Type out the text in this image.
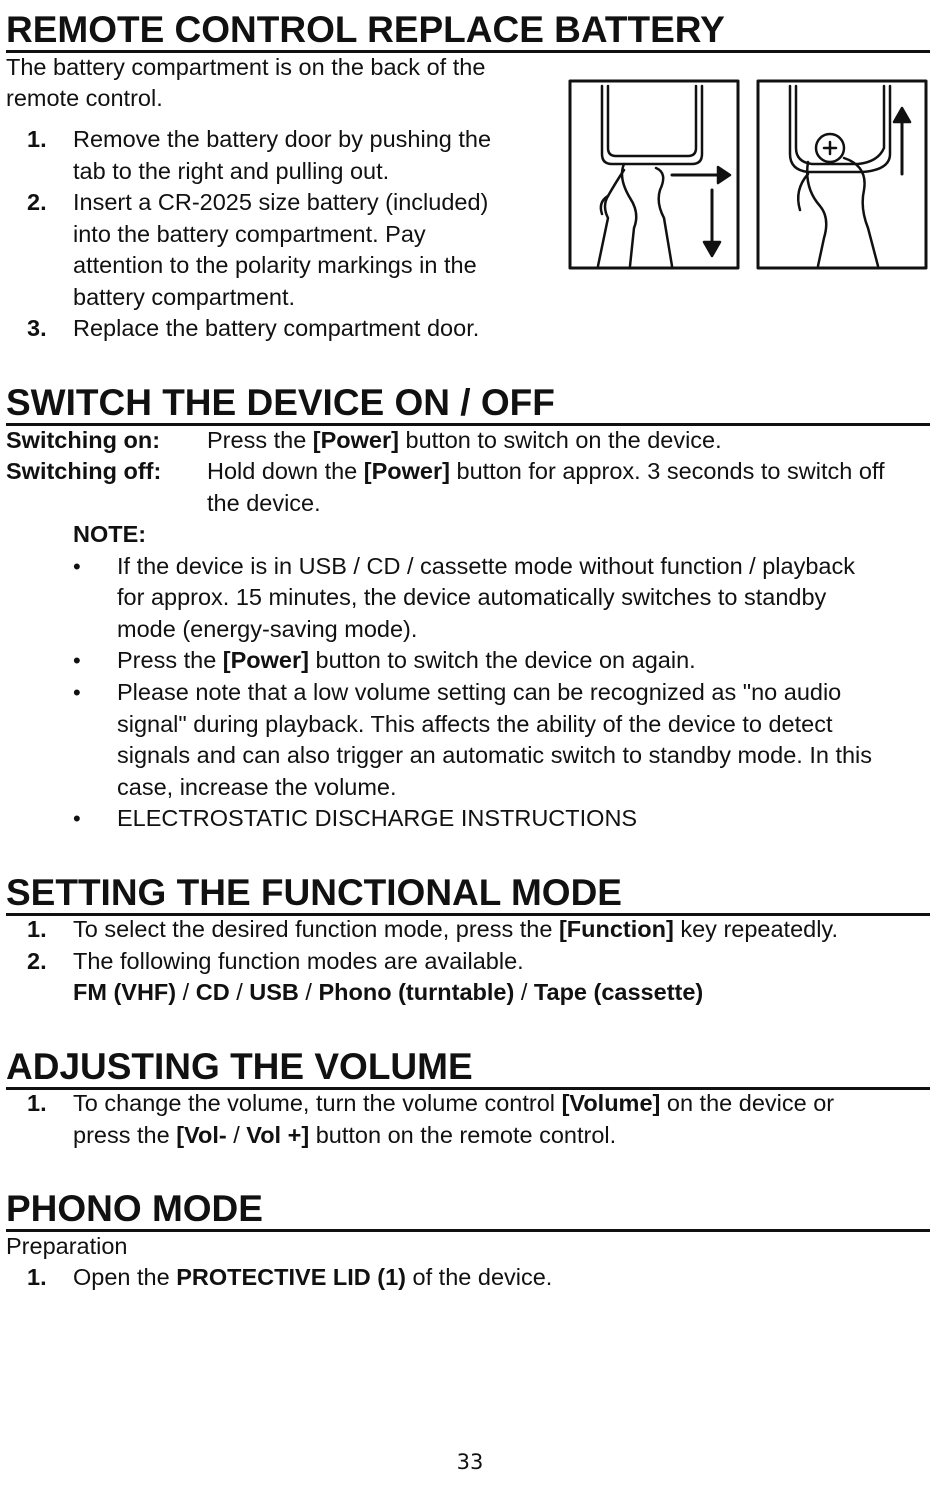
REMOTE CONTROL REPLACE BATTERY

The battery compartment is on the back of the

remote control.

1. Remove the battery door by pushing the

tab to the right and pulling out.

2. Insert a CR-2025 size battery (included)

into the battery compartment. Pay

attention to the polarity markings in the

battery compartment.

3. Replace the battery compartment door.

SWITCH THE DEVICE ON / OFF

Switching on: Press the [Power] button to switch on the device.

Switching off: Hold down the [Power] button for approx. 3 seconds to switch off

the device.

NOTE:

• If the device is in USB / CD / cassette mode without function / playback

for approx. 15 minutes, the device automatically switches to standby

mode (energy-saving mode).

• Press the [Power] button to switch the device on again.

• Please note that a low volume setting can be recognized as "no audio

signal" during playback. This affects the ability of the device to detect

signals and can also trigger an automatic switch to standby mode. In this

case, increase the volume.

• ELECTROSTATIC DISCHARGE INSTRUCTIONS

SETTING THE FUNCTIONAL MODE
1. To select the desired function mode, press the [Function] key repeatedly.

2. The following function modes are available.

FM (VHF) / CD / USB / Phono (turntable) / Tape (cassette)

ADJUSTING THE VOLUME
1. To change the volume, turn the volume control [Volume] on the device or

press the [Vol- / Vol +] button on the remote control.

PHONO MODE

Preparation

1. Open the PROTECTIVE LID (1) of the device.

33
